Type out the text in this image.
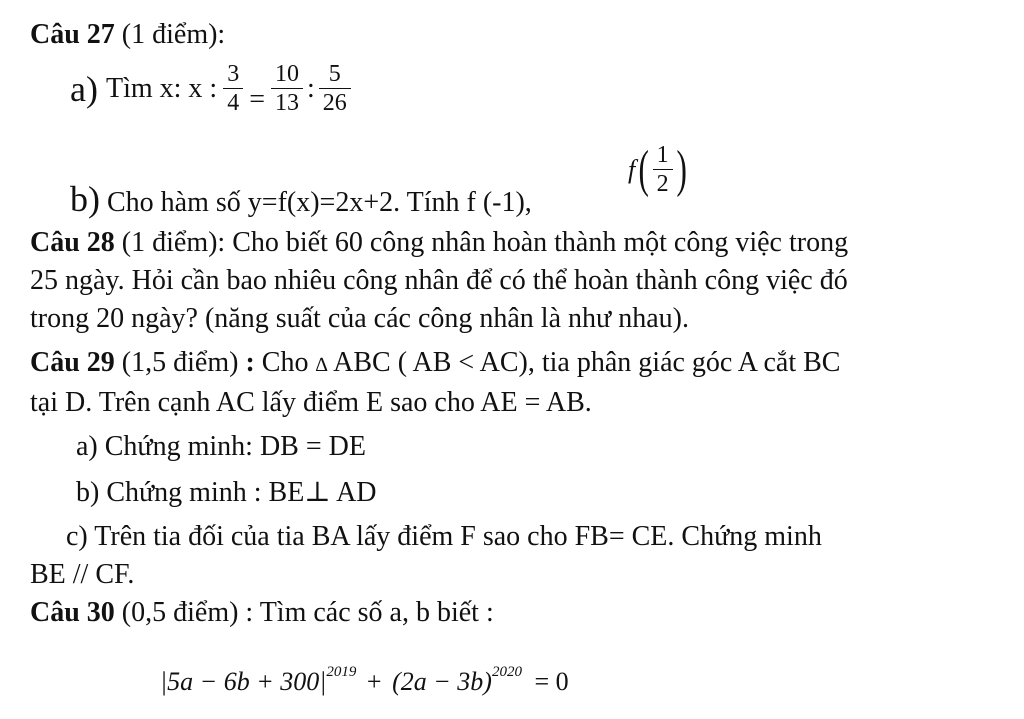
Câu 27 (1 điểm):
a) Tìm x: x : $\frac{3}{4} = \frac{10}{13}$ : $\frac{5}{26}$
b) Cho hàm số y=f(x)=2x+2. Tính f (-1),
f ( $\frac{1}{2}$ )
Câu 28 (1 điểm): Cho biết 60 công nhân hoàn thành một công việc trong
25 ngày. Hỏi cần bao nhiêu công nhân để có thể hoàn thành công việc đó
trong 20 ngày? (năng suất của các công nhân là như nhau).
Câu 29 (1,5 điểm) : Cho ∆ ABC ( AB < AC), tia phân giác góc A cắt BC
tại D. Trên cạnh AC lấy điểm E sao cho AE = AB.
a) Chứng minh: DB = DE
b) Chứng minh : BE⊥ AD
c) Trên tia đối của tia BA lấy điểm F sao cho FB= CE. Chứng minh
BE // CF.
Câu 30 (0,5 điểm) : Tìm các số a, b biết :
$|5a - 6b + 300|^{2019} + (2a - 3b)^{2020} = 0$
